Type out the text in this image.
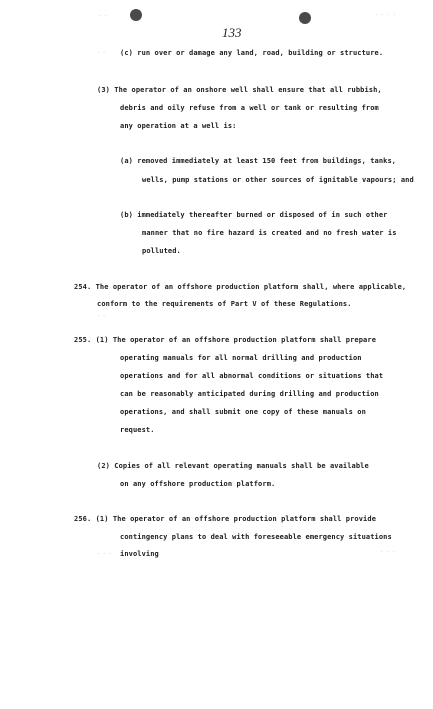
- -	- - - -
- -
- -
- - -	- - -
133
(c) run over or damage any land, road, building or structure.
(3) The operator of an onshore well shall ensure that all rubbish,
debris and oily refuse from a well or tank or resulting from
any operation at a well is:
(a) removed immediately at least 150 feet from buildings, tanks,
wells, pump stations or other sources of ignitable vapours; and
(b) immediately thereafter burned or disposed of in such other
manner that no fire hazard is created and no fresh water is
polluted.
254. The operator of an offshore production platform shall, where applicable,
conform to the requirements of Part V of these Regulations.
255. (1) The operator of an offshore production platform shall prepare
operating manuals for all normal drilling and production
operations and for all abnormal conditions or situations that
can be reasonably anticipated during drilling and production
operations, and shall submit one copy of these manuals on
request.
(2) Copies of all relevant operating manuals shall be available
on any offshore production platform.
256. (1) The operator of an offshore production platform shall provide
contingency plans to deal with foreseeable emergency situations
involving
